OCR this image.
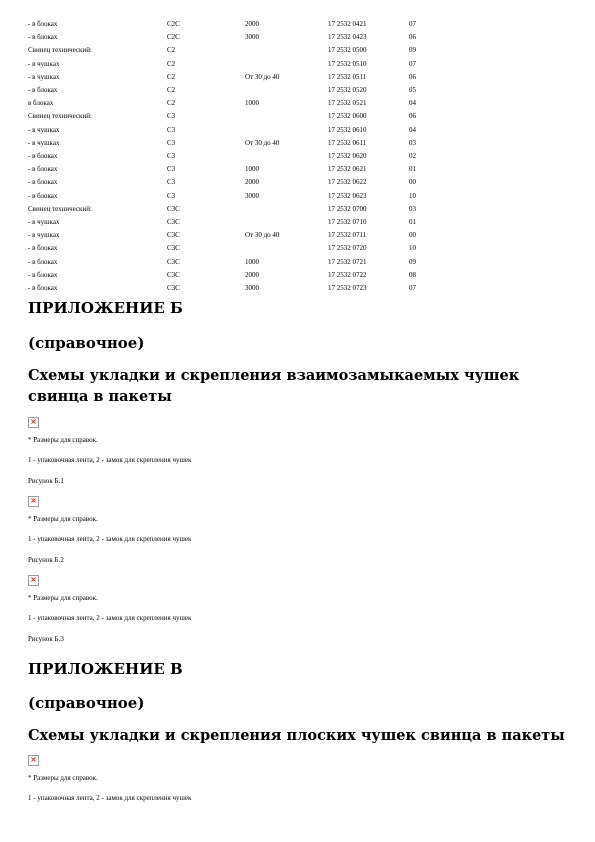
- в блоках	С2С	2000	17 2532 0421	07
- в блоках	С2С	3000	17 2532 0423	06
Свинец технический:	С2		17 2532 0500	09
- в чушках	С2		17 2532 0510	07
- в чушках	С2	От 30 до 40	17 2532 0511	06
- в блоках	С2		17 2532 0520	05
в блоках	С2	1000	17 2532 0521	04
Свинец технический:	С3		17 2532 0600	06
- в чушках	С3		17 2532 0610	04
- в чушках	С3	От 30 до 40	17 2532 0611	03
- в блоках	С3		17 2532 0620	02
- в блоках	С3	1000	17 2532 0621	01
- в блоках	С3	2000	17 2532 0622	00
- в блоках	С3	3000	17 2532 0623	10
Свинец технический:	С3С		17 2532 0700	03
- в чушках	С3С		17 2532 0710	01
- в чушках	С3С	От 30 до 40	17 2532 0711	00
- в блоках	С3С		17 2532 0720	10
- в блоках	С3С	1000	17 2532 0721	09
- в блоках	С3С	2000	17 2532 0722	08
- в блоках	С3С	3000	17 2532 0723	07
ПРИЛОЖЕНИЕ Б
(справочное)
Схемы укладки и скрепления взаимозамыкаемых чушек свинца в пакеты
×

* Размеры для справок.

1 - упаковочная лента, 2 - замок для скрепления чушек

Рисунок Б.1

×

* Размеры для справок.

1 - упаковочная лента, 2 - замок для скрепления чушек

Рисунок Б.2

×

* Размеры для справок.

1 - упаковочная лента, 2 - замок для скрепления чушек

Рисунок Б.3

ПРИЛОЖЕНИЕ В
(справочное)
Схемы укладки и скрепления плоских чушек свинца в пакеты
×

* Размеры для справок.

1 - упаковочная лента, 2 - замок для скрепления чушек
